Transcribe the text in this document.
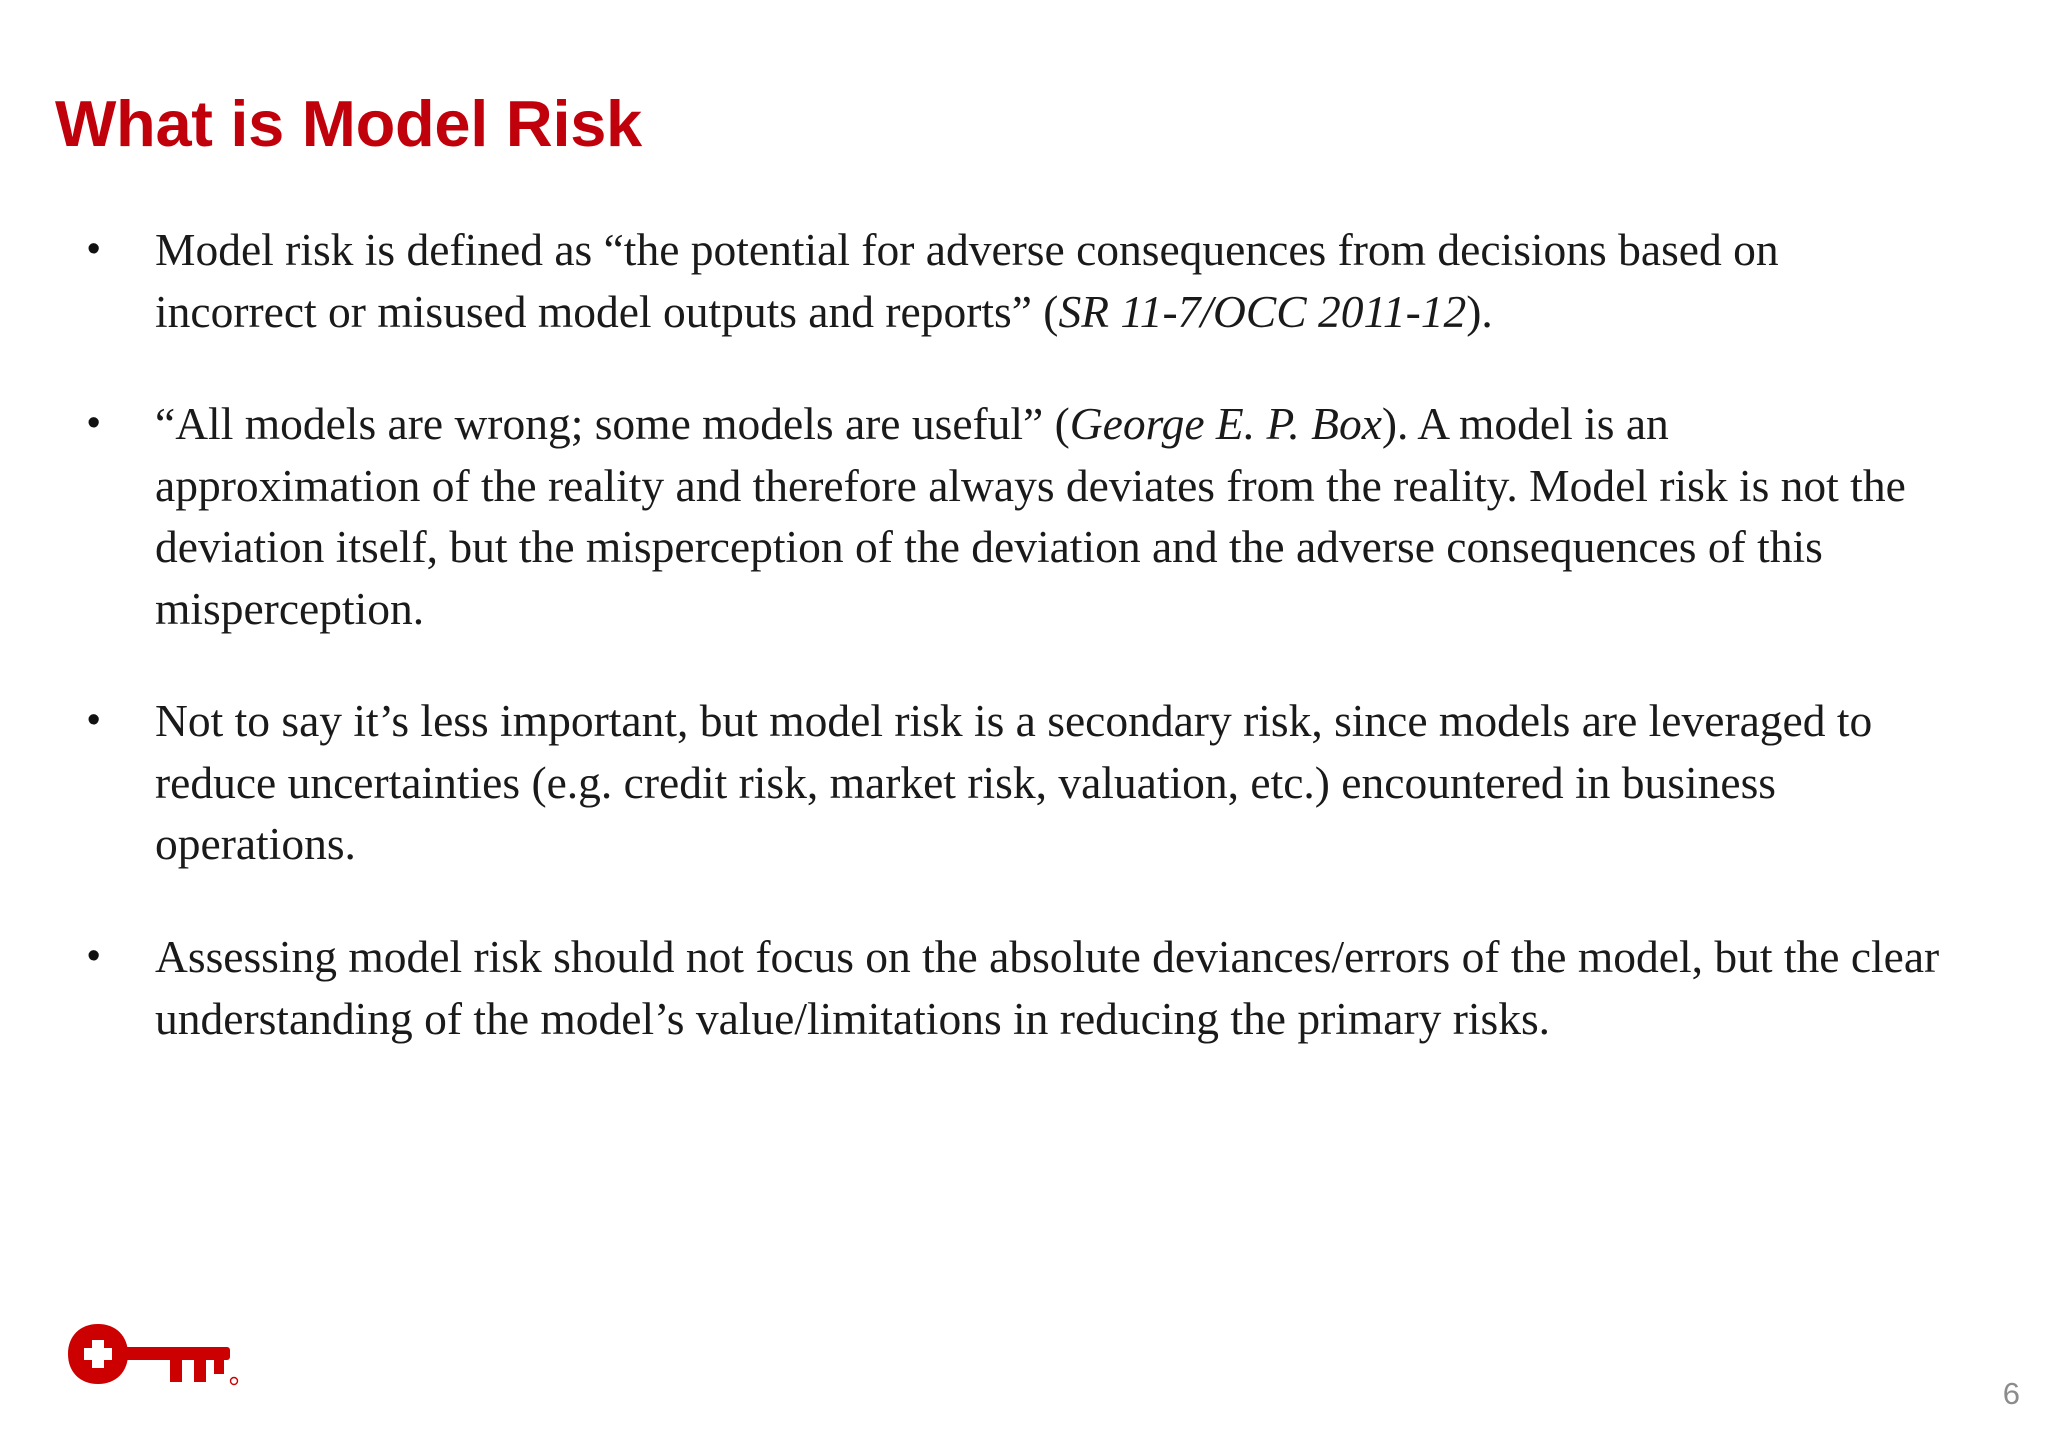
What is Model Risk
• Model risk is defined as “the potential for adverse consequences from decisions based on incorrect or misused model outputs and reports” (SR 11-7/OCC 2011-12).
• “All models are wrong; some models are useful” (George E. P. Box). A model is an approximation of the reality and therefore always deviates from the reality. Model risk is not the deviation itself, but the misperception of the deviation and the adverse consequences of this misperception.
• Not to say it’s less important, but model risk is a secondary risk, since models are leveraged to reduce uncertainties (e.g. credit risk, market risk, valuation, etc.) encountered in business operations.
• Assessing model risk should not focus on the absolute deviances/errors of the model, but the clear understanding of the model’s value/limitations in reducing the primary risks.
6
